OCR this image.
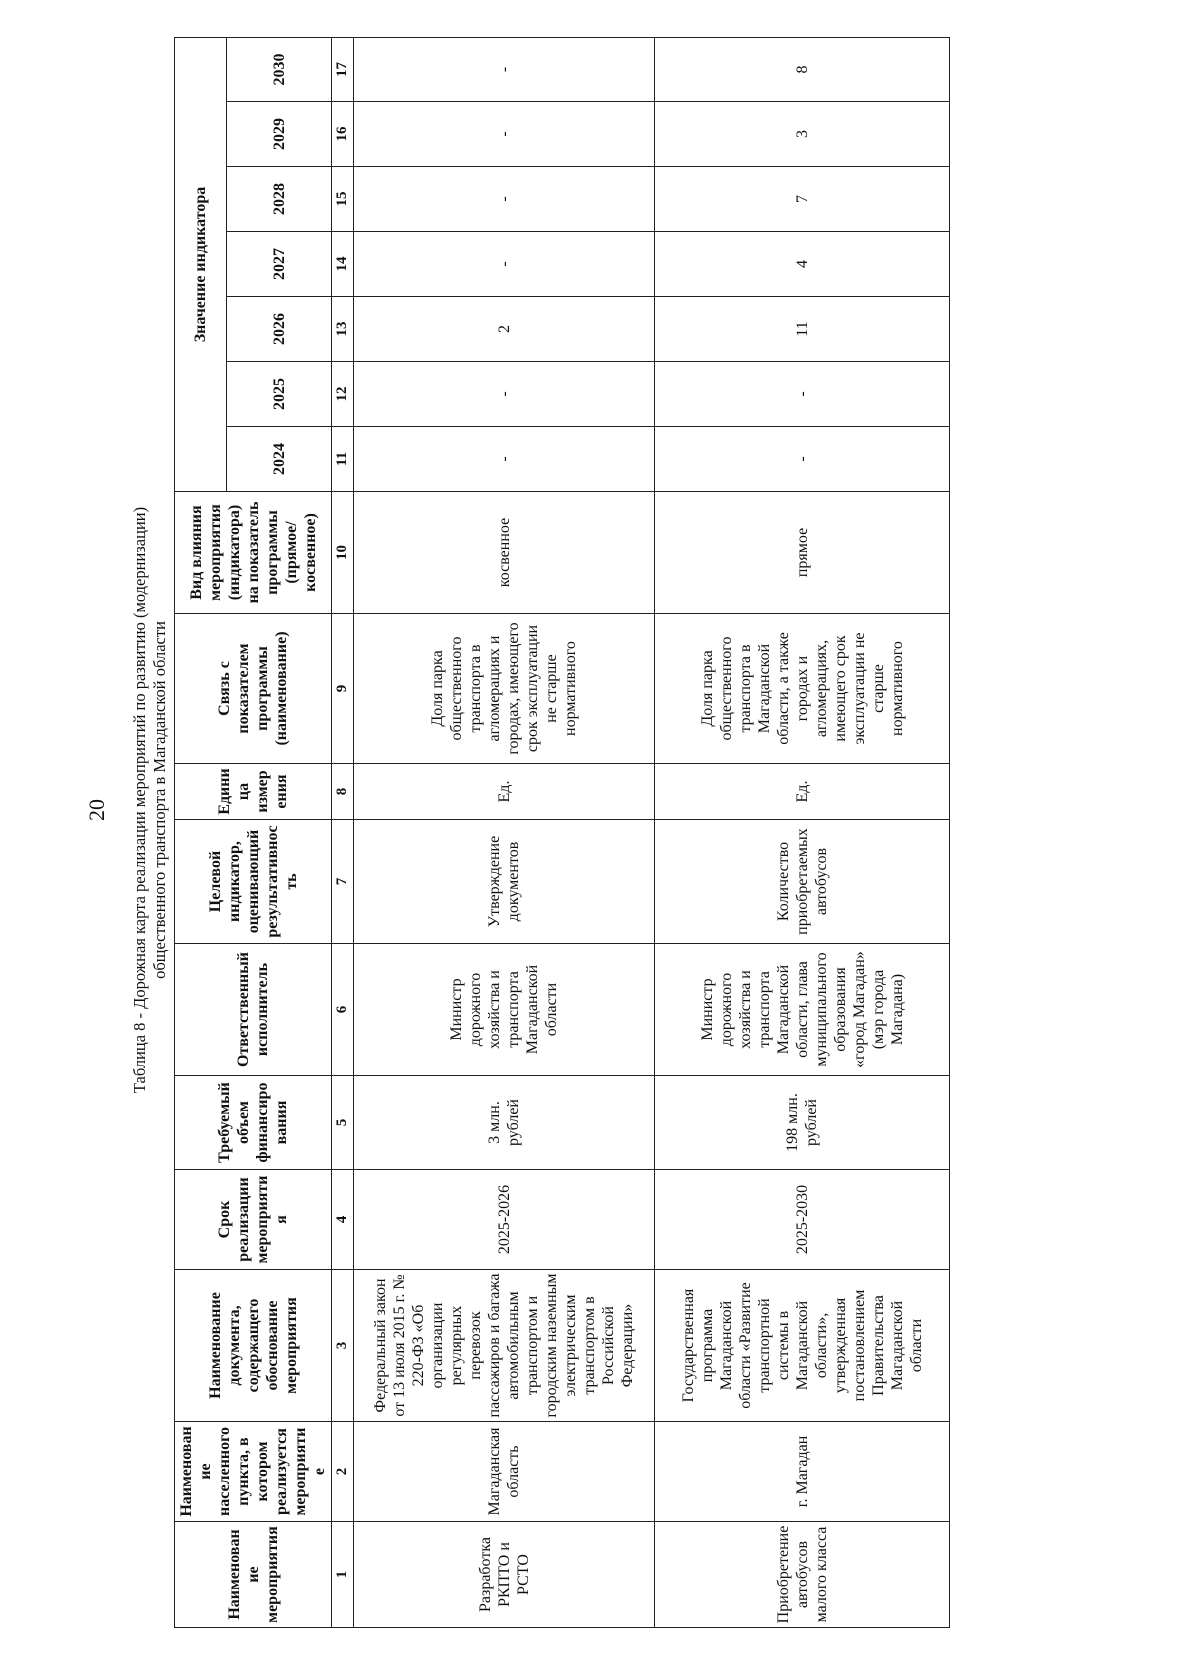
20 Таблица 8 - Дорожная карта реализации мероприятий по развитию (модернизации) общественного транспорта в Магаданской области
Наименование мероприятия	Наименование населенного пункта, в котором реализуется мероприятие	Наименование документа, содержащего обоснование мероприятия	Срок реализации мероприятия	Требуемый объем финансирования	Ответственный исполнитель	Целевой индикатор, оценивающий результативность	Единица измерения	Связь с показателем программы (наименование)	Вид влияния мероприятия (индикатора) на показатель программы (прямое/косвенное)	Значение индикатора						
										2024	2025	2026	2027	2028	2029	2030
1	2	3	4	5	6	7	8	9	10	11	12	13	14	15	16	17
Разработка РКПТО и РСТО	Магаданская область	Федеральный закон от 13 июля 2015 г. № 220-ФЗ «Об организации регулярных перевозок пассажиров и багажа автомобильным транспортом и городским наземным электрическим транспортом в Российской Федерации»	2025-2026	3 млн. рублей	Министр дорожного хозяйства и транспорта Магаданской области	Утверждение документов	Ед.	Доля парка общественного транспорта в агломерациях и городах, имеющего срок эксплуатации не старше нормативного	косвенное	-	-	2	-	-	-	-
Приобретение автобусов малого класса	г. Магадан	Государственная программа Магаданской области «Развитие транспортной системы в Магаданской области», утвержденная постановлением Правительства Магаданской области	2025-2030	198 млн. рублей	Министр дорожного хозяйства и транспорта Магаданской области, глава муниципального образования «город Магадан» (мэр города Магадана)	Количество приобретаемых автобусов	Ед.	Доля парка общественного транспорта в Магаданской области, а также городах и агломерациях, имеющего срок эксплуатации не старше нормативного	прямое	-	-	11	4	7	3	8
